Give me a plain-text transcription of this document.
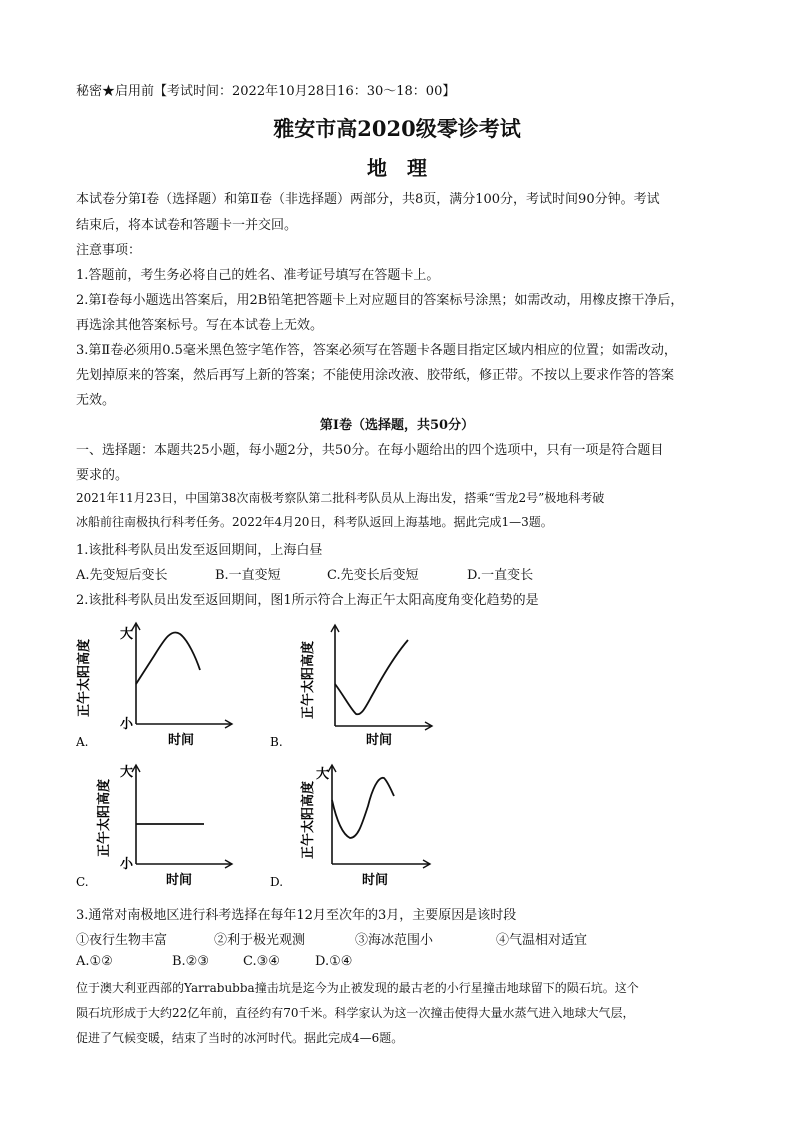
秘密★启用前【考试时间：2022年10月28日16：30～18：00】
雅安市高2020级零诊考试
地　理
本试卷分第Ⅰ卷（选择题）和第Ⅱ卷（非选择题）两部分，共8页，满分100分，考试时间90分钟。考试
结束后，将本试卷和答题卡一并交回。
注意事项：
1.答题前，考生务必将自己的姓名、准考证号填写在答题卡上。
2.第Ⅰ卷每小题选出答案后，用2B铅笔把答题卡上对应题目的答案标号涂黑；如需改动，用橡皮擦干净后，
再选涂其他答案标号。写在本试卷上无效。
3.第Ⅱ卷必须用0.5毫米黑色签字笔作答，答案必须写在答题卡各题目指定区域内相应的位置；如需改动，
先划掉原来的答案，然后再写上新的答案；不能使用涂改液、胶带纸，修正带。不按以上要求作答的答案
无效。
第Ⅰ卷（选择题，共50分）
一、选择题：本题共25小题，每小题2分，共50分。在每小题给出的四个选项中，只有一项是符合题目
要求的。
2021年11月23日，中国第38次南极考察队第二批科考队员从上海出发，搭乘“雪龙2号”极地科考破
冰船前往南极执行科考任务。2022年4月20日，科考队返回上海基地。据此完成1—3题。
1.该批科考队员出发至返回期间，上海白昼
A.先变短后变长	B.一直变短	C.先变长后变短	D.一直变长
2.该批科考队员出发至返回期间，图1所示符合上海正午太阳高度角变化趋势的是
正午太阳高度
大
小
时间
A.
正午太阳高度
时间
B.
正午太阳高度
大
小
时间
C.
正午太阳高度
大
时间
D.
3.通常对南极地区进行科考选择在每年12月至次年的3月，主要原因是该时段
①夜行生物丰富	②利于极光观测	③海冰范围小	④气温相对适宜
A.①②	B.②③	C.③④	D.①④
位于澳大利亚西部的Yarrabubba撞击坑是迄今为止被发现的最古老的小行星撞击地球留下的陨石坑。这个
陨石坑形成于大约22亿年前，直径约有70千米。科学家认为这一次撞击使得大量水蒸气进入地球大气层，
促进了气候变暖，结束了当时的冰河时代。据此完成4—6题。
